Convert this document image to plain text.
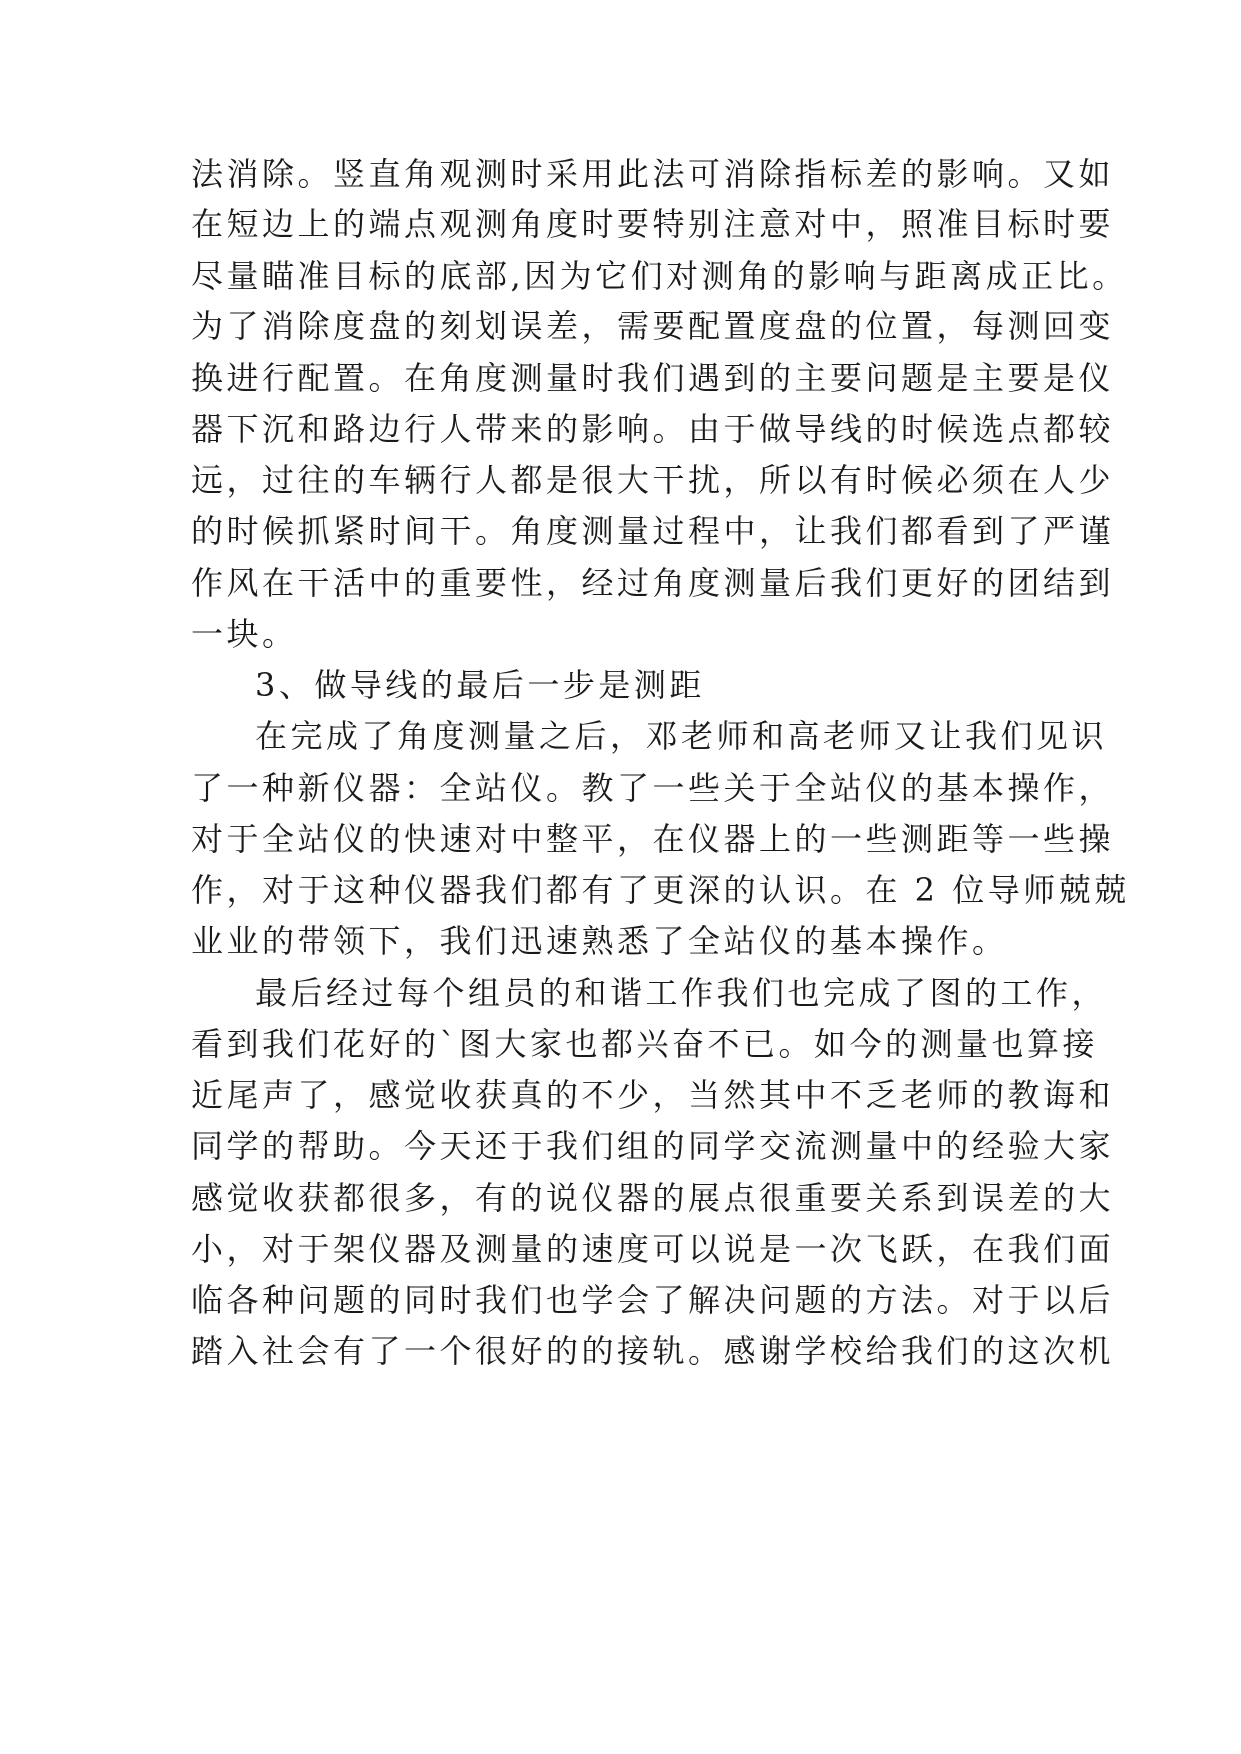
法消除。竖直角观测时采用此法可消除指标差的影响。又如
在短边上的端点观测角度时要特别注意对中，照准目标时要
尽量瞄准目标的底部,因为它们对测角的影响与距离成正比。
为了消除度盘的刻划误差，需要配置度盘的位置，每测回变
换进行配置。在角度测量时我们遇到的主要问题是主要是仪
器下沉和路边行人带来的影响。由于做导线的时候选点都较
远，过往的车辆行人都是很大干扰，所以有时候必须在人少
的时候抓紧时间干。角度测量过程中，让我们都看到了严谨
作风在干活中的重要性，经过角度测量后我们更好的团结到
一块。
3、做导线的最后一步是测距
在完成了角度测量之后，邓老师和高老师又让我们见识
了一种新仪器：全站仪。教了一些关于全站仪的基本操作，
对于全站仪的快速对中整平，在仪器上的一些测距等一些操
作，对于这种仪器我们都有了更深的认识。在 2 位导师兢兢
业业的带领下，我们迅速熟悉了全站仪的基本操作。
最后经过每个组员的和谐工作我们也完成了图的工作，
看到我们花好的`图大家也都兴奋不已。如今的测量也算接
近尾声了，感觉收获真的不少，当然其中不乏老师的教诲和
同学的帮助。今天还于我们组的同学交流测量中的经验大家
感觉收获都很多，有的说仪器的展点很重要关系到误差的大
小，对于架仪器及测量的速度可以说是一次飞跃，在我们面
临各种问题的同时我们也学会了解决问题的方法。对于以后
踏入社会有了一个很好的的接轨。感谢学校给我们的这次机
